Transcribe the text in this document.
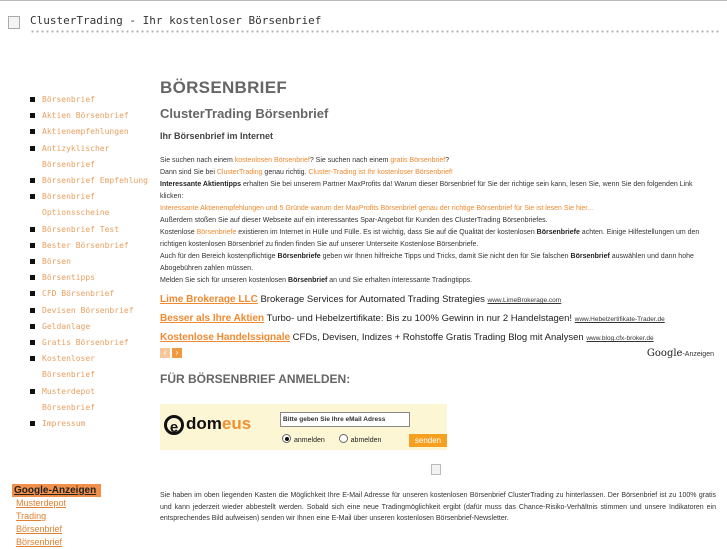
ClusterTrading - Ihr kostenloser Börsenbrief
Börsenbrief
Aktien Börsenbrief
Aktienempfehlungen
Antizyklischer Börsenbrief
Börsenbrief Empfehlung
Börsenbrief Optionsscheine
Börsenbrief Test
Bester Börsenbrief
Börsen
Börsentipps
CFD Börsenbrief
Devisen Börsenbrief
Geldanlage
Gratis Börsenbrief
Kostenloser Börsenbrief
Musterdepot Börsenbrief
Impressum
Google-Anzeigen
Musterdepot
Trading
Börsenbrief
Börsenbrief
BÖRSENBRIEF
ClusterTrading Börsenbrief
Ihr Börsenbrief im Internet
Sie suchen nach einem kostenlosen Börsenbrief? Sie suchen nach einem gratis Börsenbrief?
Dann sind Sie bei ClusterTrading genau richtig. Cluster-Trading ist Ihr kostenloser Börsenbrief!
Interessante Aktientipps erhalten Sie bei unserem Partner MaxProfits da! Warum dieser Börsenbrief für Sie der richtige sein kann, lesen Sie, wenn Sie den folgenden Link klicken:
Interessante Aktienempfehlungen und 5 Gründe warum der MaxProfits Börsenbrief genau der richtige Börsenbrief für Sie ist lesen Sie hier...
Außerdem stoßen Sie auf dieser Webseite auf ein interessantes Spar-Angebot für Kunden des ClusterTrading Börsenbriefes.
Kostenlose Börsenbriefe existieren im Internet in Hülle und Fülle. Es ist wichtig, dass Sie auf die Qualität der kostenlosen Börsenbriefe achten. Einige Hilfestellungen um den richtigen kostenlosen Börsenbrief zu finden finden Sie auf unserer Unterseite Kostenlose Börsenbriefe.
Auch für den Bereich kostenpflichtige Börsenbriefe geben wir Ihnen hilfreiche Tipps und Tricks, damit Sie nicht den für Sie falschen Börsenbrief auswählen und dann hohe Abogebühren zahlen müssen.
Melden Sie sich für unseren kostenlosen Börsenbrief an und Sie erhalten interessante Tradingtipps.
Lime Brokerage LLC Brokerage Services for Automated Trading Strategies www.LimeBrokerage.com
Besser als Ihre Aktien Turbo- und Hebelzertifikate: Bis zu 100% Gewinn in nur 2 Handelstagen! www.Hebelzertifikate-Trader.de
Kostenlose Handelssignale CFDs, Devisen, Indizes + Rohstoffe Gratis Trading Blog mit Analysen www.blog.cfx-broker.de
‹ ›	Google-Anzeigen
FÜR BÖRSENBRIEF ANMELDEN:
e domeus	Bitte geben Sie Ihre eMail Adress
anmelden	abmelden	senden
Sie haben im oben liegenden Kasten die Möglichkeit Ihre E-Mail Adresse für unseren kostenlosen Börsenbrief ClusterTrading zu hinterlassen. Der Börsenbrief ist zu 100% gratis und kann jederzeit wieder abbestellt werden. Sobald sich eine neue Tradingmöglichkeit ergibt (dafür muss das Chance-Risiko-Verhältnis stimmen und unsere Indikatoren ein entsprechendes Bild aufweisen) senden wir Ihnen eine E-Mail über unseren kostenlosen Börsenbrief-Newsletter.
